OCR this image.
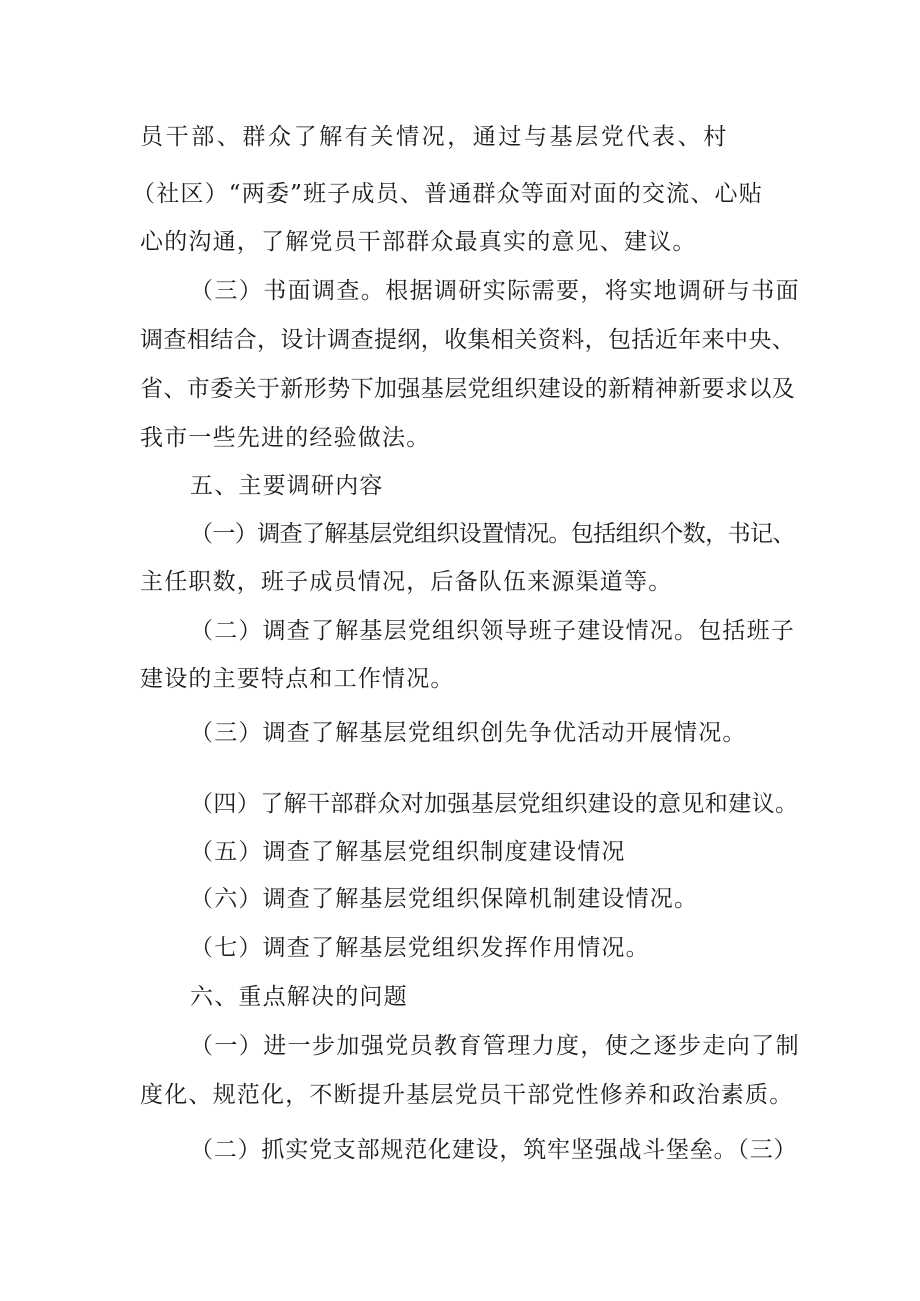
员干部、群众了解有关情况，通过与基层党代表、村
（社区）“两委”班子成员、普通群众等面对面的交流、心贴
心的沟通，了解党员干部群众最真实的意见、建议。
（三）书面调查。根据调研实际需要，将实地调研与书面
调查相结合，设计调查提纲，收集相关资料，包括近年来中央、
省、市委关于新形势下加强基层党组织建设的新精神新要求以及
我市一些先进的经验做法。
五、主要调研内容
（一）调查了解基层党组织设置情况。包括组织个数，书记、
主任职数，班子成员情况，后备队伍来源渠道等。
（二）调查了解基层党组织领导班子建设情况。包括班子
建设的主要特点和工作情况。
（三）调查了解基层党组织创先争优活动开展情况。
（四）了解干部群众对加强基层党组织建设的意见和建议。
（五）调查了解基层党组织制度建设情况
（六）调查了解基层党组织保障机制建设情况。
（七）调查了解基层党组织发挥作用情况。
六、重点解决的问题
（一）进一步加强党员教育管理力度，使之逐步走向了制
度化、规范化，不断提升基层党员干部党性修养和政治素质。
（二）抓实党支部规范化建设，筑牢坚强战斗堡垒。（三）
